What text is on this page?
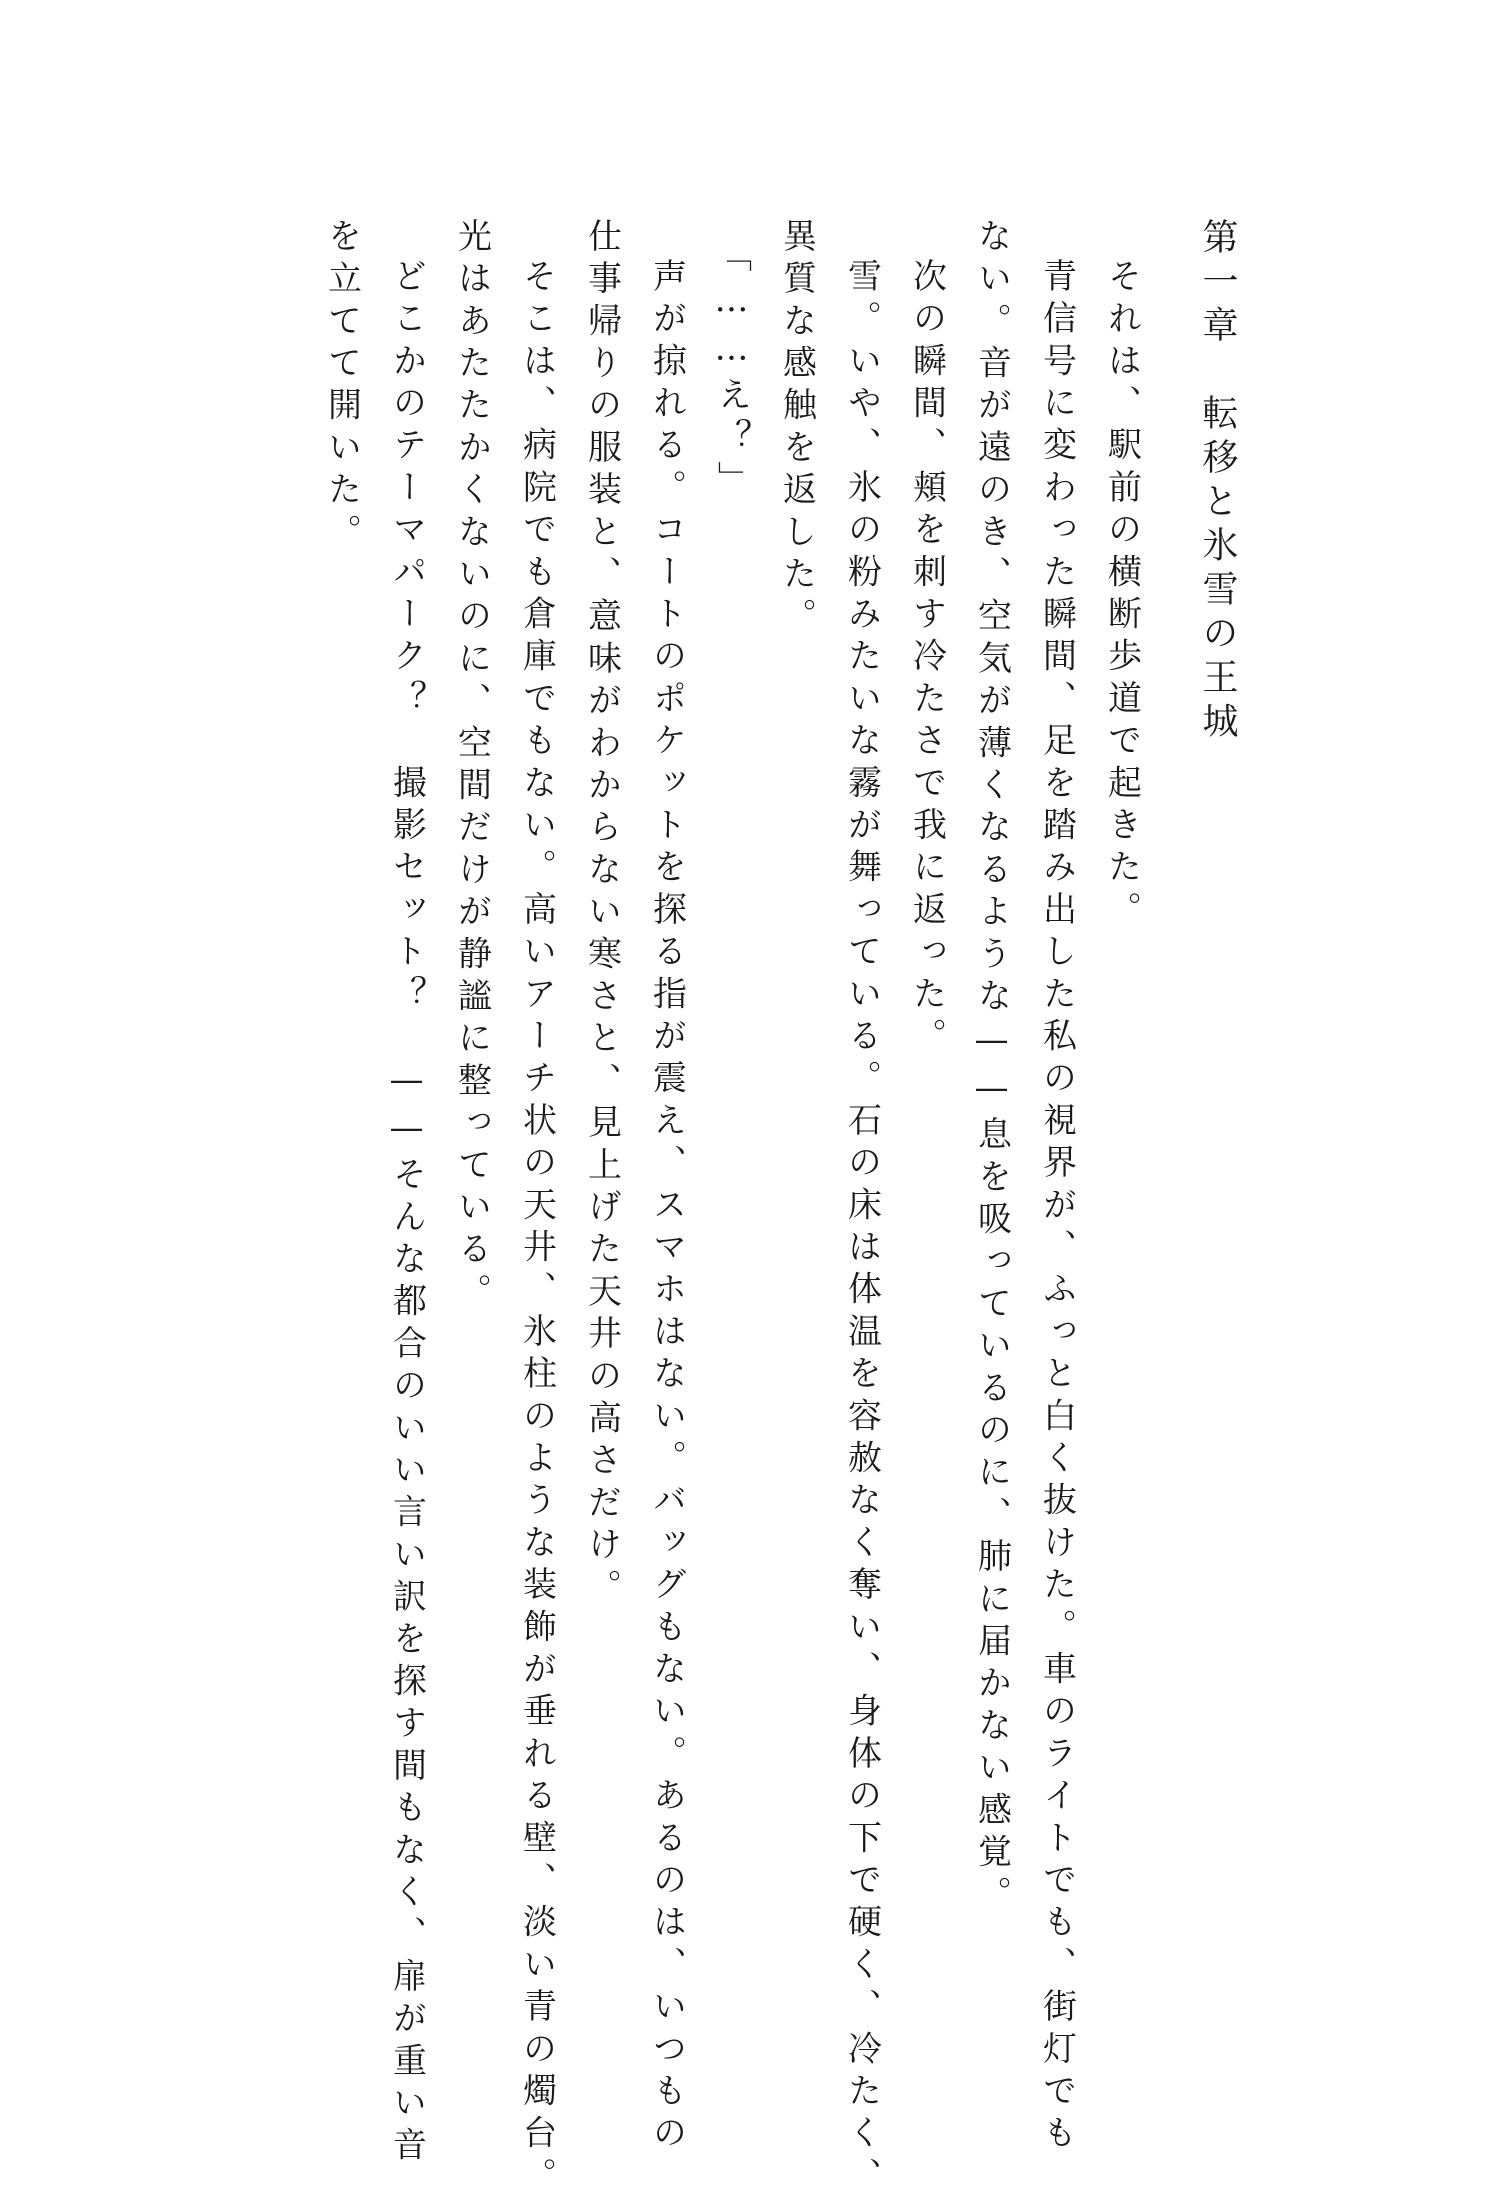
第一章　転移と氷雪の王城

それは、駅前の横断歩道で起きた。

青信号に変わった瞬間、足を踏み出した私の視界が、ふっと白く抜けた。車のライトでも、街灯でも

ない。音が遠のき、空気が薄くなるような——息を吸っているのに、肺に届かない感覚。

次の瞬間、頬を刺す冷たさで我に返った。

雪。いや、氷の粉みたいな霧が舞っている。石の床は体温を容赦なく奪い、身体の下で硬く、冷たく、

異質な感触を返した。

「……え？」

声が掠れる。コートのポケットを探る指が震え、スマホはない。バッグもない。あるのは、いつもの

仕事帰りの服装と、意味がわからない寒さと、見上げた天井の高さだけ。

そこは、病院でも倉庫でもない。高いアーチ状の天井、氷柱のような装飾が垂れる壁、淡い青の燭台。

光はあたたかくないのに、空間だけが静謐に整っている。

どこかのテーマパーク？　撮影セット？　——そんな都合のいい言い訳を探す間もなく、扉が重い音

を立てて開いた。
